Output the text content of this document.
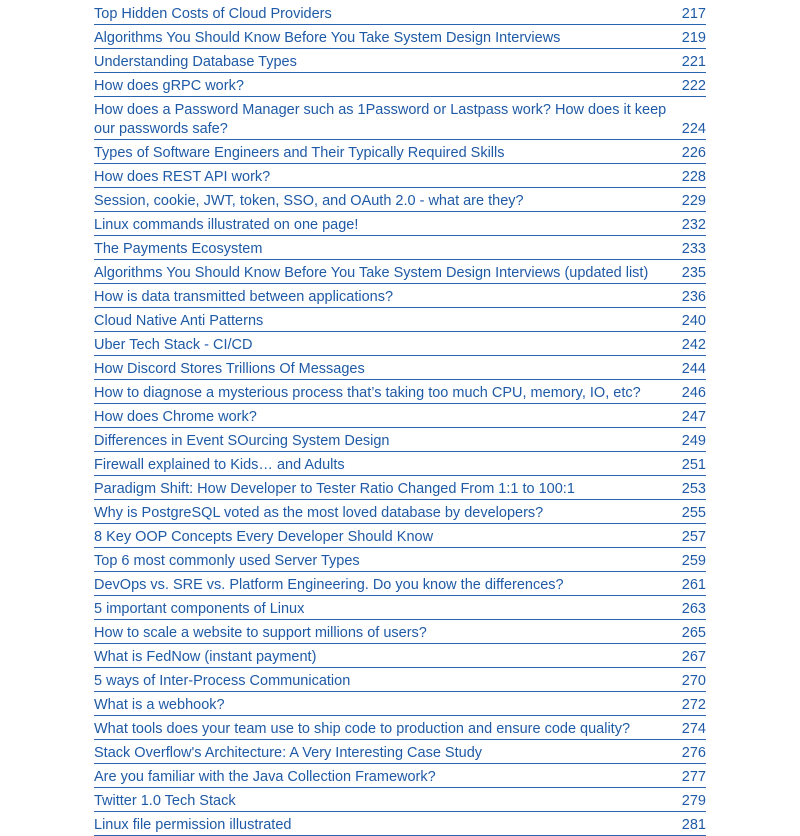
Top Hidden Costs of Cloud Providers	217
Algorithms You Should Know Before You Take System Design Interviews	219
Understanding Database Types	221
How does gRPC work?	222
How does a Password Manager such as 1Password or Lastpass work? How does it keep our passwords safe?	224
Types of Software Engineers and Their Typically Required Skills	226
How does REST API work?	228
Session, cookie, JWT, token, SSO, and OAuth 2.0 - what are they?	229
Linux commands illustrated on one page!	232
The Payments Ecosystem	233
Algorithms You Should Know Before You Take System Design Interviews (updated list)	235
How is data transmitted between applications?	236
Cloud Native Anti Patterns	240
Uber Tech Stack - CI/CD	242
How Discord Stores Trillions Of Messages	244
How to diagnose a mysterious process that’s taking too much CPU, memory, IO, etc?	246
How does Chrome work?	247
Differences in Event SOurcing System Design	249
Firewall explained to Kids… and Adults	251
Paradigm Shift: How Developer to Tester Ratio Changed From 1:1 to 100:1	253
Why is PostgreSQL voted as the most loved database by developers?	255
8 Key OOP Concepts Every Developer Should Know	257
Top 6 most commonly used Server Types	259
DevOps vs. SRE vs. Platform Engineering. Do you know the differences?	261
5 important components of Linux	263
How to scale a website to support millions of users?	265
What is FedNow (instant payment)	267
5 ways of Inter-Process Communication	270
What is a webhook?	272
What tools does your team use to ship code to production and ensure code quality?	274
Stack Overflow's Architecture: A Very Interesting Case Study	276
Are you familiar with the Java Collection Framework?	277
Twitter 1.0 Tech Stack	279
Linux file permission illustrated	281
